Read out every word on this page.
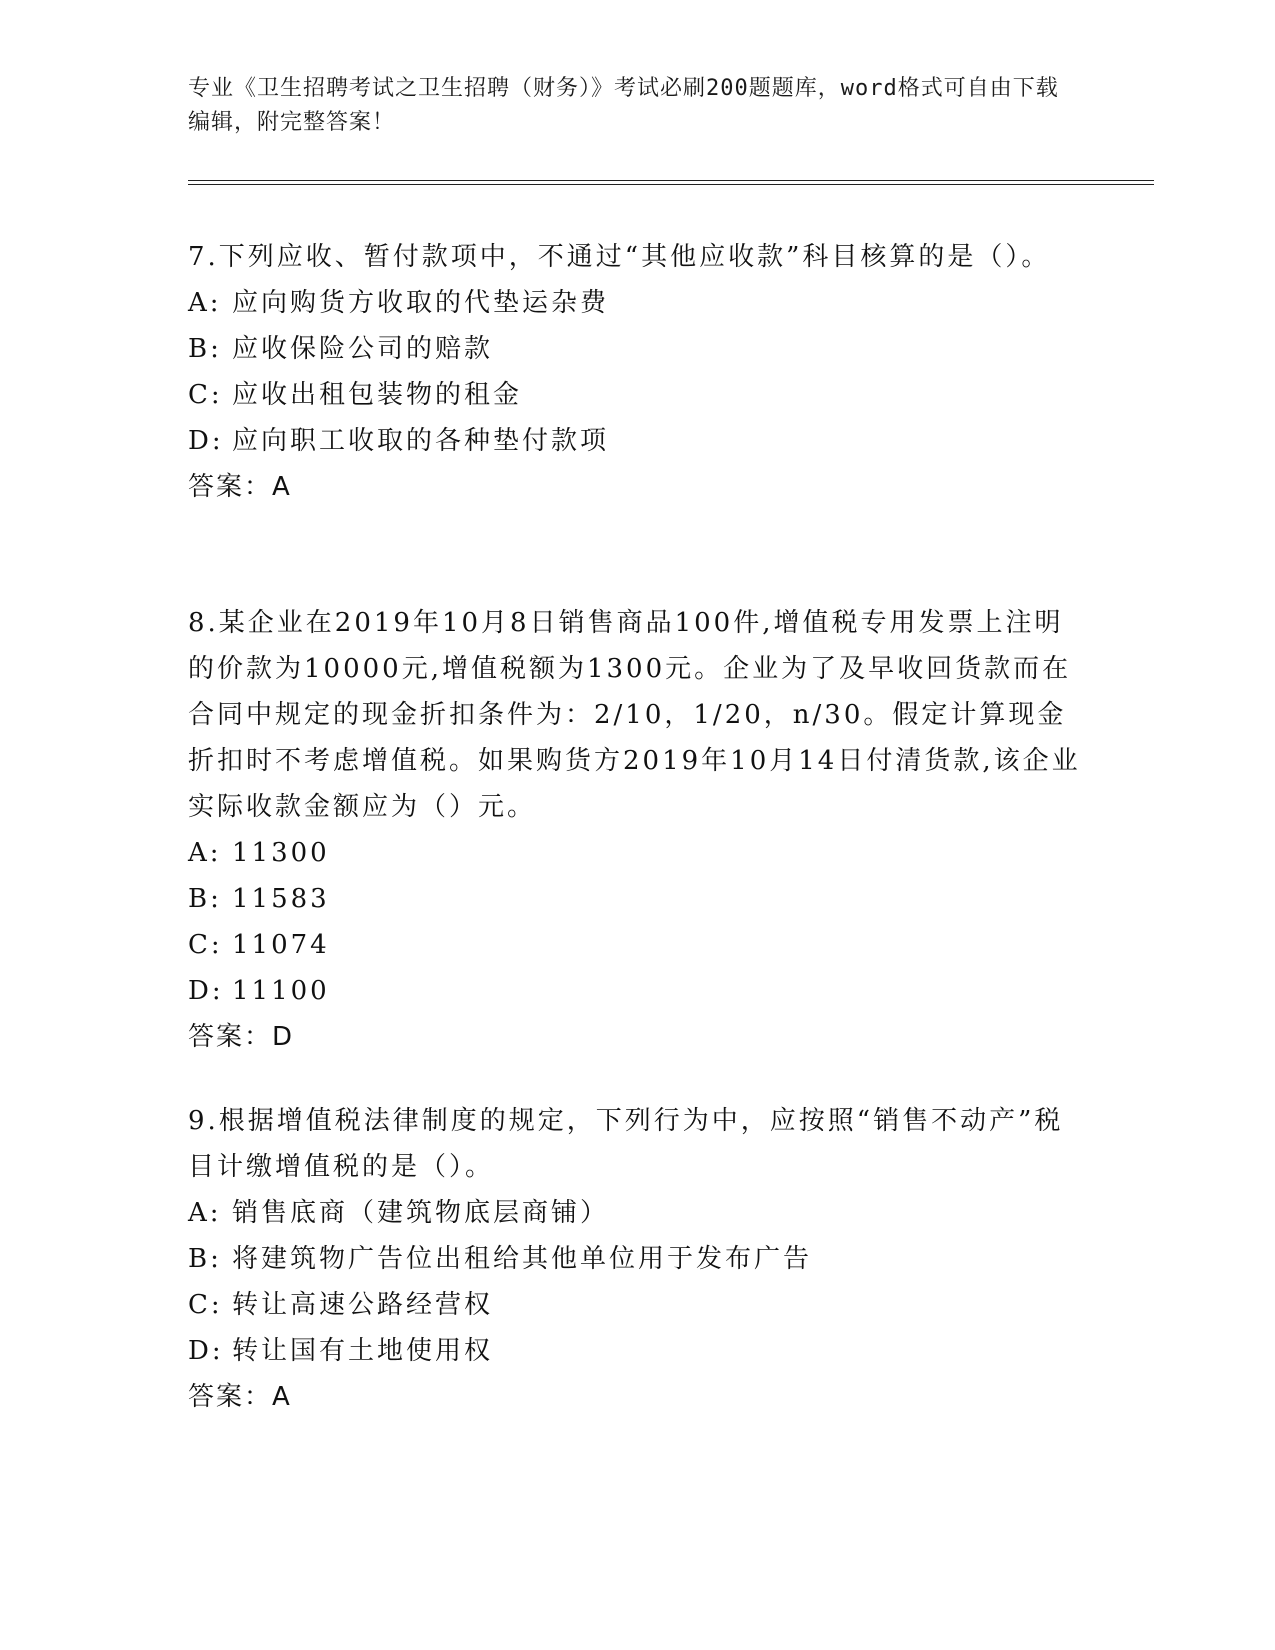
专业《卫生招聘考试之卫生招聘（财务）》考试必刷200题题库，word格式可自由下载编辑，附完整答案！

7.下列应收、暂付款项中，不通过“其他应收款”科目核算的是（）。

A: 应向购货方收取的代垫运杂费

B: 应收保险公司的赔款

C: 应收出租包装物的租金

D: 应向职工收取的各种垫付款项

答案：A

8.某企业在2019年10月8日销售商品100件,增值税专用发票上注明的价款为10000元,增值税额为1300元。企业为了及早收回货款而在合同中规定的现金折扣条件为：2/10，1/20，n/30。假定计算现金折扣时不考虑增值税。如果购货方2019年10月14日付清货款,该企业实际收款金额应为（）元。

A: 11300

B: 11583

C: 11074

D: 11100

答案：D

9.根据增值税法律制度的规定，下列行为中，应按照“销售不动产”税目计缴增值税的是（）。

A: 销售底商（建筑物底层商铺）

B: 将建筑物广告位出租给其他单位用于发布广告

C: 转让高速公路经营权

D: 转让国有土地使用权

答案：A
